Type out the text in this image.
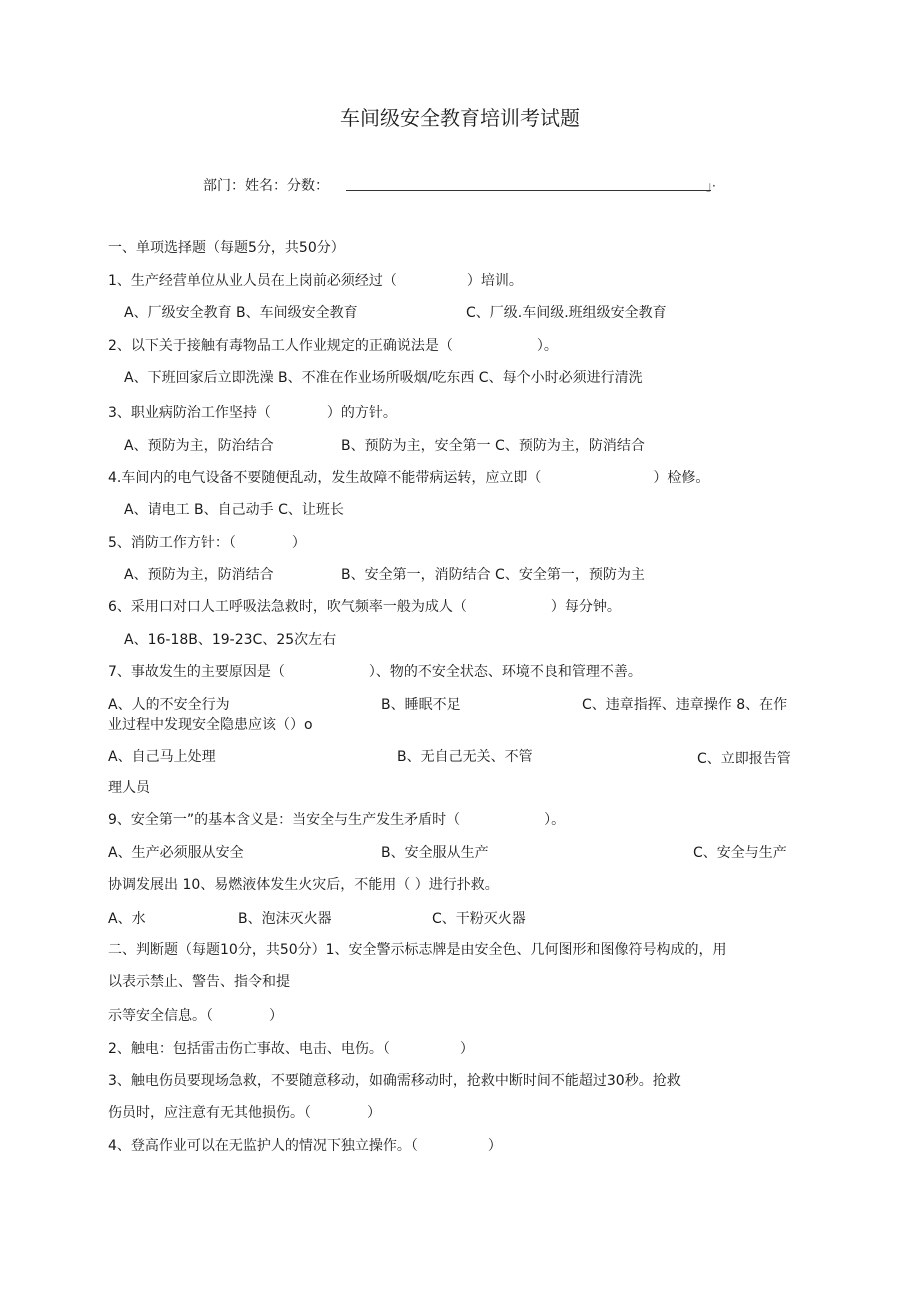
车间级安全教育培训考试题
部门：姓名：分数：	」·
一、单项选择题（每题5分，共50分）
1、生产经营单位从业人员在上岗前必须经过（　　　　　）培训。
A、厂级安全教育 B、车间级安全教育	C、厂级.车间级.班组级安全教育
2、以下关于接触有毒物品工人作业规定的正确说法是（　　　　　　）。
A、下班回家后立即洗澡 B、不准在作业场所吸烟/吃东西 C、每个小时必须进行清洗
3、职业病防治工作坚持（　　　　）的方针。
A、预防为主，防治结合	B、预防为主，安全第一 C、预防为主，防消结合
4.车间内的电气设备不要随便乱动，发生故障不能带病运转，应立即（　　　　　　　　）检修。
A、请电工 B、自己动手 C、让班长
5、消防工作方针：（　　　　）
A、预防为主，防消结合	B、安全第一，消防结合 C、安全第一，预防为主
6、采用口对口人工呼吸法急救时，吹气频率一般为成人（　　　　　　）每分钟。
A、16-18B、19-23C、25次左右
7、事故发生的主要原因是（　　　　　　）、物的不安全状态、环境不良和管理不善。
A、人的不安全行为	B、睡眠不足	C、违章指挥、违章操作 8、在作
业过程中发现安全隐患应该（）o
A、自己马上处理	B、无自己无关、不管	C、立即报告管
理人员
9、安全第一”的基本含义是：当安全与生产发生矛盾时（　　　　　　）。
A、生产必须服从安全	B、安全服从生产	C、安全与生产
协调发展出 10、易燃液体发生火灾后，不能用（ ）进行扑救。
A、水	B、泡沫灭火器	C、干粉灭火器
二、判断题（每题10分，共50分）1、安全警示标志牌是由安全色、几何图形和图像符号构成的，用
以表示禁止、警告、指令和提
示等安全信息。（　　　　）
2、触电：包括雷击伤亡事故、电击、电伤。（　　　　　）
3、触电伤员要现场急救，不要随意移动，如确需移动时，抢救中断时间不能超过30秒。抢救
伤员时，应注意有无其他损伤。（　　　　）
4、登高作业可以在无监护人的情况下独立操作。（　　　　　）
